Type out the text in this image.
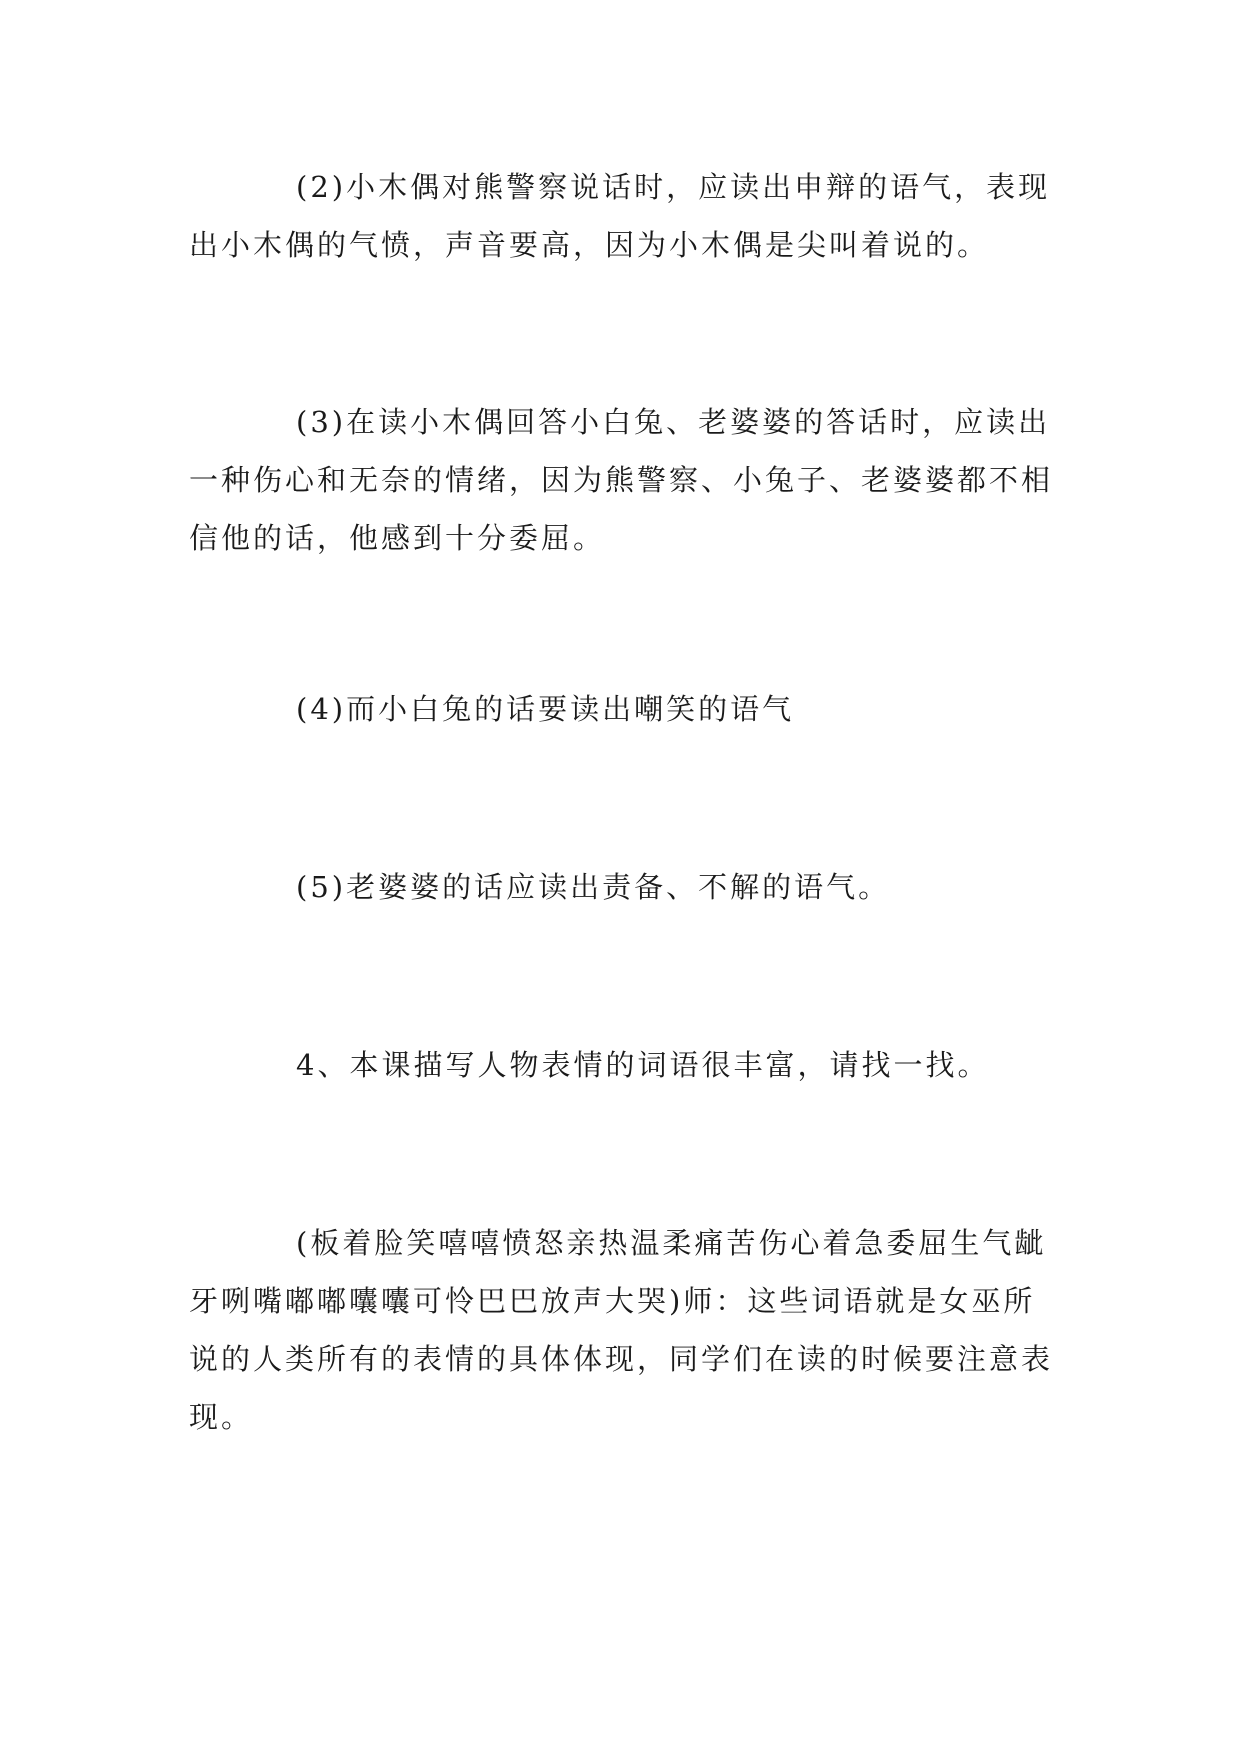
(2)小木偶对熊警察说话时，应读出申辩的语气，表现出小木偶的气愤，声音要高，因为小木偶是尖叫着说的。

(3)在读小木偶回答小白兔、老婆婆的答话时，应读出一种伤心和无奈的情绪，因为熊警察、小兔子、老婆婆都不相信他的话，他感到十分委屈。

(4)而小白兔的话要读出嘲笑的语气

(5)老婆婆的话应读出责备、不解的语气。

4、本课描写人物表情的词语很丰富，请找一找。

(板着脸笑嘻嘻愤怒亲热温柔痛苦伤心着急委屈生气龇牙咧嘴嘟嘟囔囔可怜巴巴放声大哭)师：这些词语就是女巫所说的人类所有的表情的具体体现，同学们在读的时候要注意表现。
